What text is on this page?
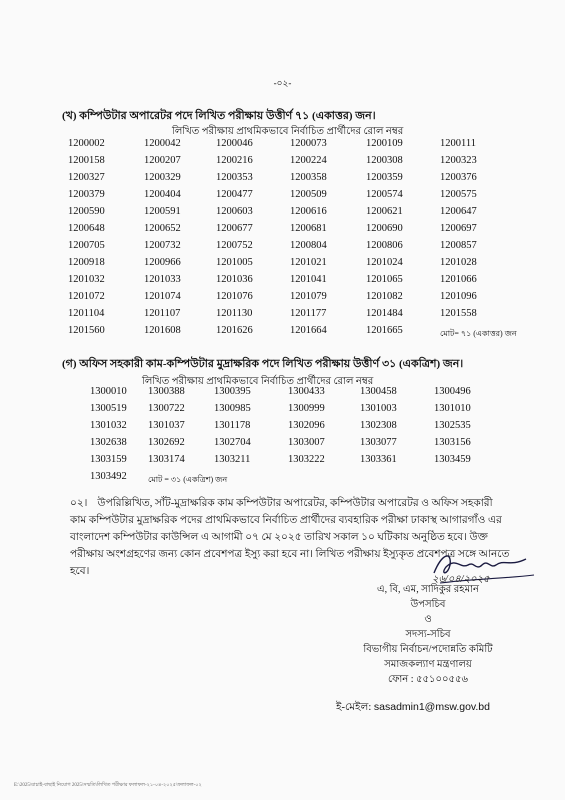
-০২-
(খ) কম্পিউটার অপারেটর পদে লিখিত পরীক্ষায় উত্তীর্ণ ৭১ (একাত্তর) জন।
লিখিত পরীক্ষায় প্রাথমিকভাবে নির্বাচিত প্রার্থীদের রোল নম্বর
1200002	1200042	1200046	1200073	1200109	1200111
1200158	1200207	1200216	1200224	1200308	1200323
1200327	1200329	1200353	1200358	1200359	1200376
1200379	1200404	1200477	1200509	1200574	1200575
1200590	1200591	1200603	1200616	1200621	1200647
1200648	1200652	1200677	1200681	1200690	1200697
1200705	1200732	1200752	1200804	1200806	1200857
1200918	1200966	1201005	1201021	1201024	1201028
1201032	1201033	1201036	1201041	1201065	1201066
1201072	1201074	1201076	1201079	1201082	1201096
1201104	1201107	1201130	1201177	1201484	1201558
1201560	1201608	1201626	1201664	1201665	মোট= ৭১ (একাত্তর) জন
(গ) অফিস সহকারী কাম-কম্পিউটার মুদ্রাক্ষরিক পদে লিখিত পরীক্ষায় উত্তীর্ণ ৩১ (একত্রিশ) জন।
লিখিত পরীক্ষায় প্রাথমিকভাবে নির্বাচিত প্রার্থীদের রোল নম্বর
1300010 1300388	1300395	1300433	1300458	1300496
1300519 1300722	1300985	1300999	1301003	1301010
1301032 1301037	1301178	1302096	1302308	1302535
1302638 1302692	1302704	1303007	1303077	1303156
1303159 1303174	1303211	1303222	1303361	1303459
1303492	মোট = ৩১ (একত্রিশ) জন
০২। উপরিল্লিখিত, সাঁট-মুদ্রাক্ষরিক কাম কম্পিউটার অপারেটর, কম্পিউটার অপারেটর ও অফিস সহকারী কাম কম্পিউটার মুদ্রাক্ষরিক পদের প্রাথমিকভাবে নির্বাচিত প্রার্থীদের ব্যবহারিক পরীক্ষা ঢাকাস্থ আগারগাঁও এর বাংলাদেশ কম্পিউটার কাউন্সিল এ আগামী ০৭ মে ২০২৫ তারিখ সকাল ১০ ঘটিকায় অনুষ্ঠিত হবে। উক্ত পরীক্ষায় অংশগ্রহণের জন্য কোন প্রবেশপত্র ইস্যু করা হবে না। লিখিত পরীক্ষায় ইস্যুকৃত প্রবেশপত্র সঙ্গে আনতে হবে।
২৬/০৪/২০২৫
এ, বি, এম, সাদিকুর রহমান
উপসচিব
ও
সদস্য-সচিব
বিভাগীয় নির্বাচন/পদোন্নতি কমিটি
সমাজকল্যাণ মন্ত্রণালয়
ফোন : ৫৫১০০৫৫৬
ই-মেইল: sasadmin1@msw.gov.bd
E:\2025\যাচাই-বাছাই নিয়োগ 2025\সম্মতি\লিখিত পরীক্ষার ফলাফল-২১-০৪-২০২৫\ফলাফল-০২
